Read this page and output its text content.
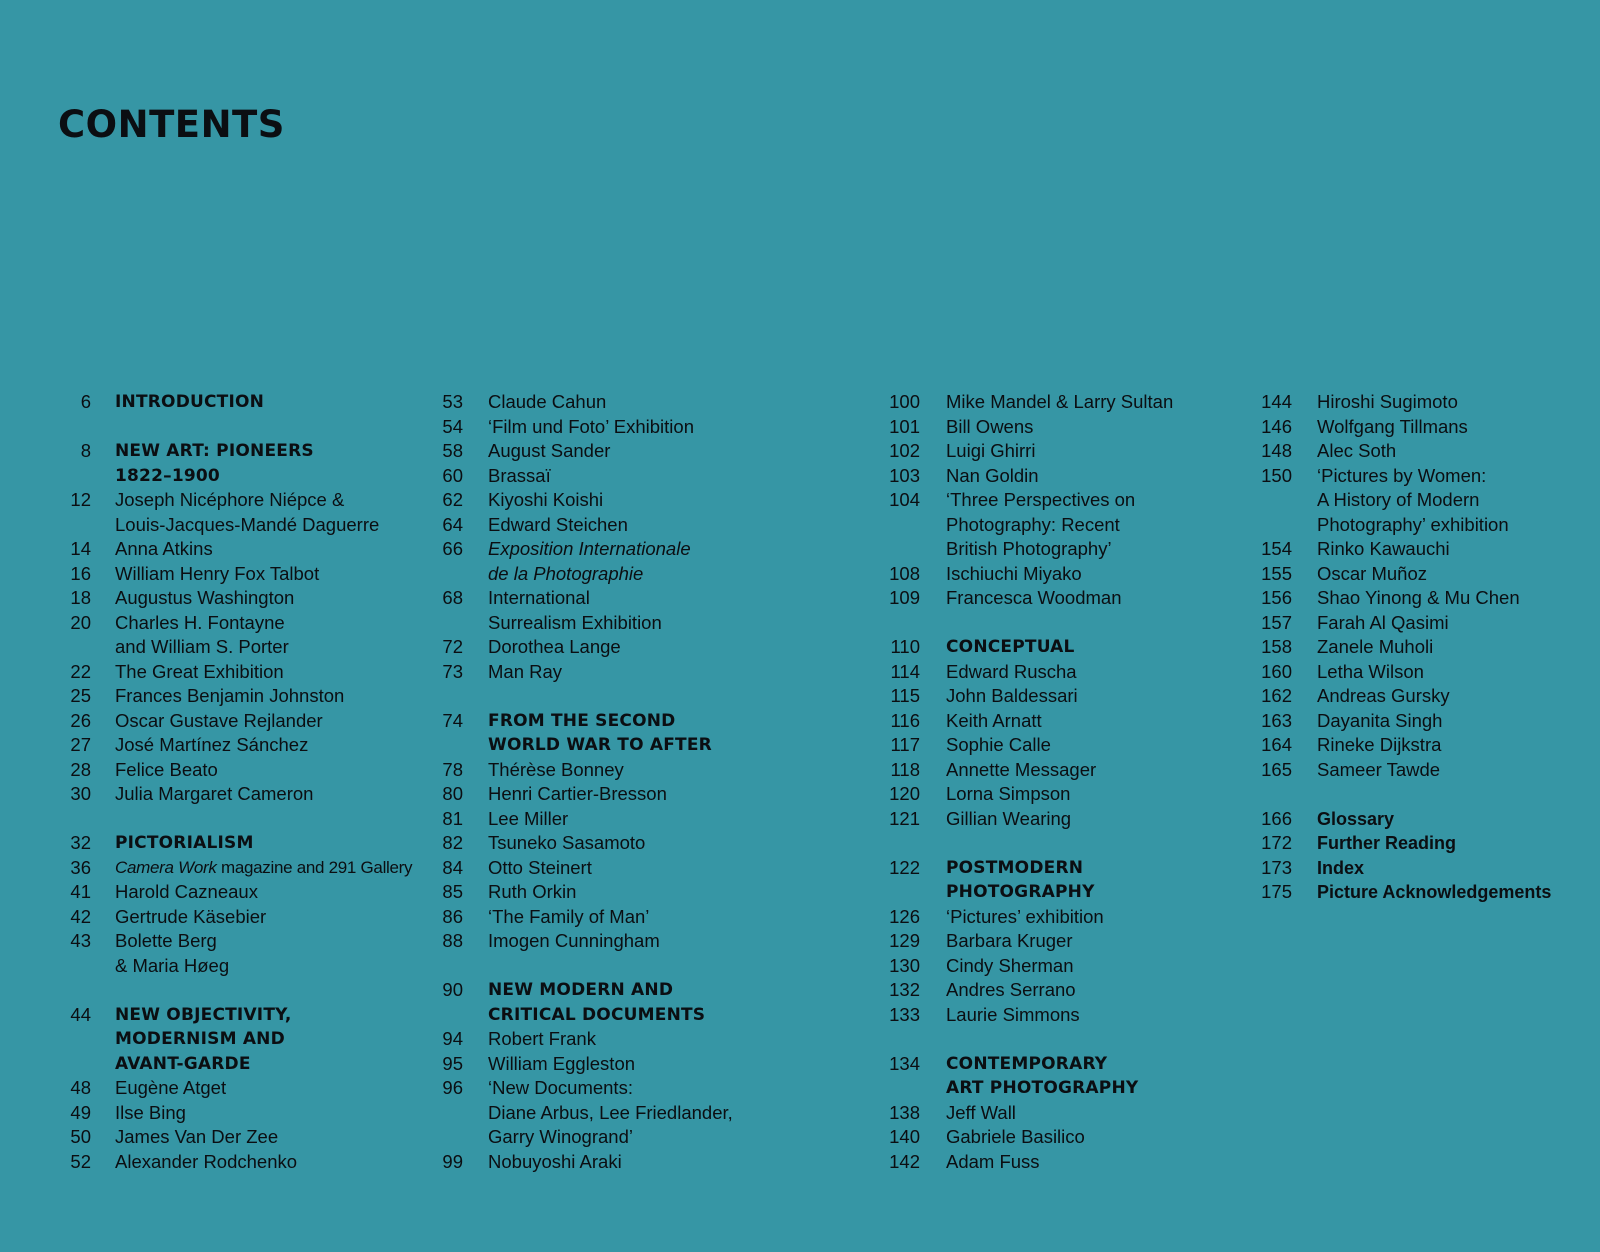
CONTENTS
6 INTRODUCTION
8 NEW ART: PIONEERS
1822–1900
12 Joseph Nicéphore Niépce &
Louis-Jacques-Mandé Daguerre
14 Anna Atkins
16 William Henry Fox Talbot
18 Augustus Washington
20 Charles H. Fontayne
and William S. Porter
22 The Great Exhibition
25 Frances Benjamin Johnston
26 Oscar Gustave Rejlander
27 José Martínez Sánchez
28 Felice Beato
30 Julia Margaret Cameron
32 PICTORIALISM
36 Camera Work magazine and 291 Gallery
41 Harold Cazneaux
42 Gertrude Käsebier
43 Bolette Berg
& Maria Høeg
44 NEW OBJECTIVITY,
MODERNISM AND
AVANT-GARDE
48 Eugène Atget
49 Ilse Bing
50 James Van Der Zee
52 Alexander Rodchenko
53 Claude Cahun
54 ‘Film und Foto’ Exhibition
58 August Sander
60 Brassaï
62 Kiyoshi Koishi
64 Edward Steichen
66 Exposition Internationale
de la Photographie
68 International
Surrealism Exhibition
72 Dorothea Lange
73 Man Ray
74 FROM THE SECOND
WORLD WAR TO AFTER
78 Thérèse Bonney
80 Henri Cartier-Bresson
81 Lee Miller
82 Tsuneko Sasamoto
84 Otto Steinert
85 Ruth Orkin
86 ‘The Family of Man’
88 Imogen Cunningham
90 NEW MODERN AND
CRITICAL DOCUMENTS
94 Robert Frank
95 William Eggleston
96 ‘New Documents:
Diane Arbus, Lee Friedlander,
Garry Winogrand’
99 Nobuyoshi Araki
100 Mike Mandel & Larry Sultan
101 Bill Owens
102 Luigi Ghirri
103 Nan Goldin
104 ‘Three Perspectives on
Photography: Recent
British Photography’
108 Ischiuchi Miyako
109 Francesca Woodman
110 CONCEPTUAL
114 Edward Ruscha
115 John Baldessari
116 Keith Arnatt
117 Sophie Calle
118 Annette Messager
120 Lorna Simpson
121 Gillian Wearing
122 POSTMODERN
PHOTOGRAPHY
126 ‘Pictures’ exhibition
129 Barbara Kruger
130 Cindy Sherman
132 Andres Serrano
133 Laurie Simmons
134 CONTEMPORARY
ART PHOTOGRAPHY
138 Jeff Wall
140 Gabriele Basilico
142 Adam Fuss
144 Hiroshi Sugimoto
146 Wolfgang Tillmans
148 Alec Soth
150 ‘Pictures by Women:
A History of Modern
Photography’ exhibition
154 Rinko Kawauchi
155 Oscar Muñoz
156 Shao Yinong & Mu Chen
157 Farah Al Qasimi
158 Zanele Muholi
160 Letha Wilson
162 Andreas Gursky
163 Dayanita Singh
164 Rineke Dijkstra
165 Sameer Tawde
166 Glossary
172 Further Reading
173 Index
175 Picture Acknowledgements
